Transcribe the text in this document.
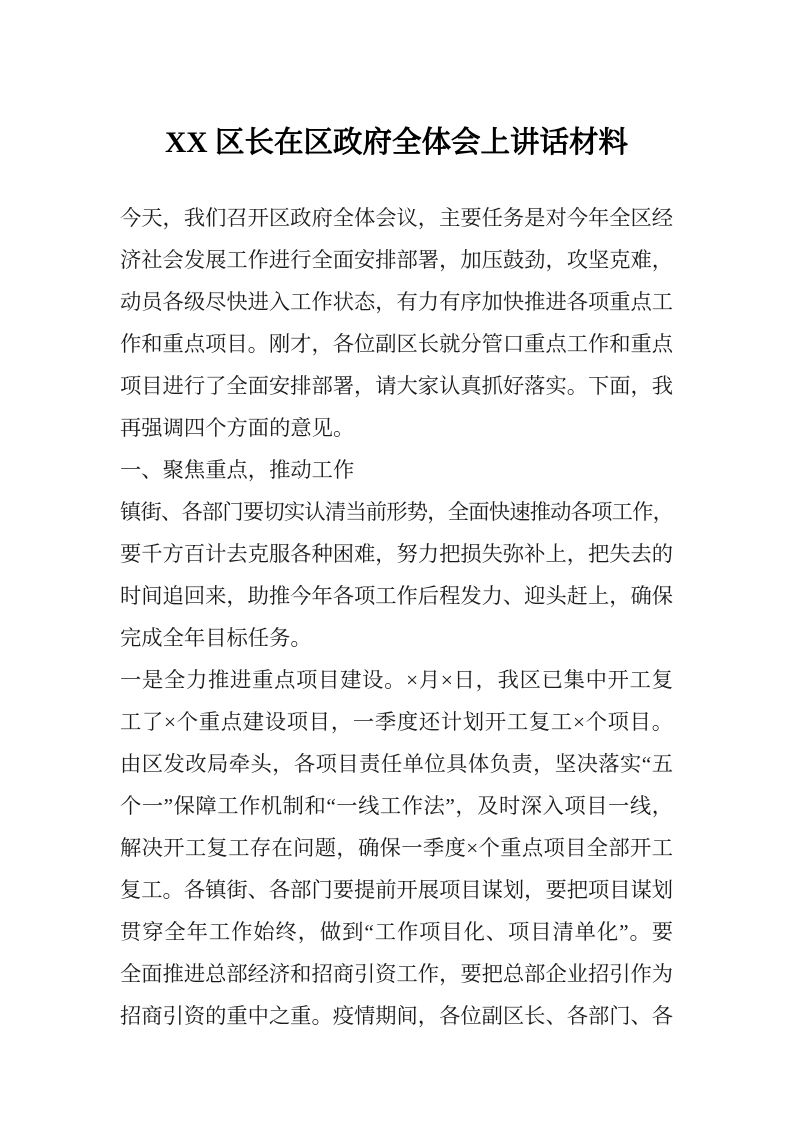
XX 区长在区政府全体会上讲话材料
今天，我们召开区政府全体会议，主要任务是对今年全区经
济社会发展工作进行全面安排部署，加压鼓劲，攻坚克难，
动员各级尽快进入工作状态，有力有序加快推进各项重点工
作和重点项目。刚才，各位副区长就分管口重点工作和重点
项目进行了全面安排部署，请大家认真抓好落实。下面，我
再强调四个方面的意见。
一、聚焦重点，推动工作
镇街、各部门要切实认清当前形势，全面快速推动各项工作，
要千方百计去克服各种困难，努力把损失弥补上，把失去的
时间追回来，助推今年各项工作后程发力、迎头赶上，确保
完成全年目标任务。
一是全力推进重点项目建设。×月×日，我区已集中开工复
工了×个重点建设项目，一季度还计划开工复工×个项目。
由区发改局牵头，各项目责任单位具体负责，坚决落实“五
个一”保障工作机制和“一线工作法”，及时深入项目一线，
解决开工复工存在问题，确保一季度×个重点项目全部开工
复工。各镇街、各部门要提前开展项目谋划，要把项目谋划
贯穿全年工作始终，做到“工作项目化、项目清单化”。要
全面推进总部经济和招商引资工作，要把总部企业招引作为
招商引资的重中之重。疫情期间，各位副区长、各部门、各
